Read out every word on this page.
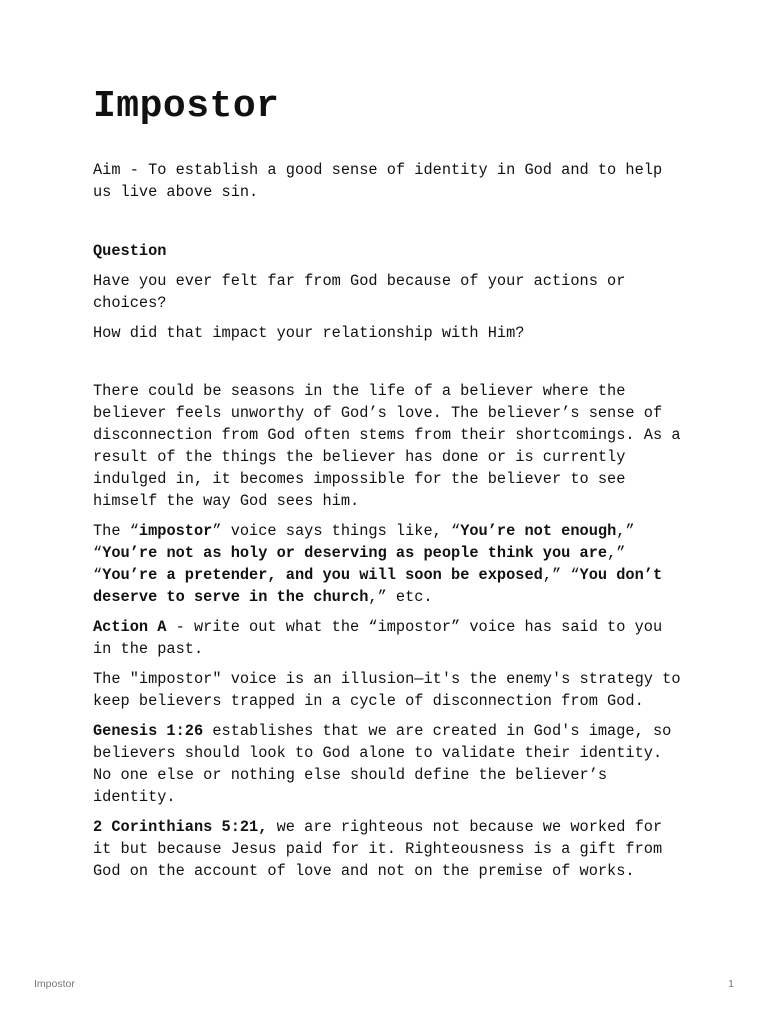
Impostor

Aim - To establish a good sense of identity in God and to help us live above sin.

Question

Have you ever felt far from God because of your actions or choices?

How did that impact your relationship with Him?

There could be seasons in the life of a believer where the believer feels unworthy of God’s love. The believer’s sense of disconnection from God often stems from their shortcomings. As a result of the things the believer has done or is currently indulged in, it becomes impossible for the believer to see himself the way God sees him.

The “impostor” voice says things like, “You’re not enough,” “You’re not as holy or deserving as people think you are,” “You’re a pretender, and you will soon be exposed,” “You don’t deserve to serve in the church,” etc.

Action A - write out what the “impostor” voice has said to you in the past.

The "impostor" voice is an illusion—it's the enemy's strategy to keep believers trapped in a cycle of disconnection from God.

Genesis 1:26 establishes that we are created in God's image, so believers should look to God alone to validate their identity. No one else or nothing else should define the believer’s identity.

2 Corinthians 5:21, we are righteous not because we worked for it but because Jesus paid for it. Righteousness is a gift from God on the account of love and not on the premise of works.

Impostor	1
